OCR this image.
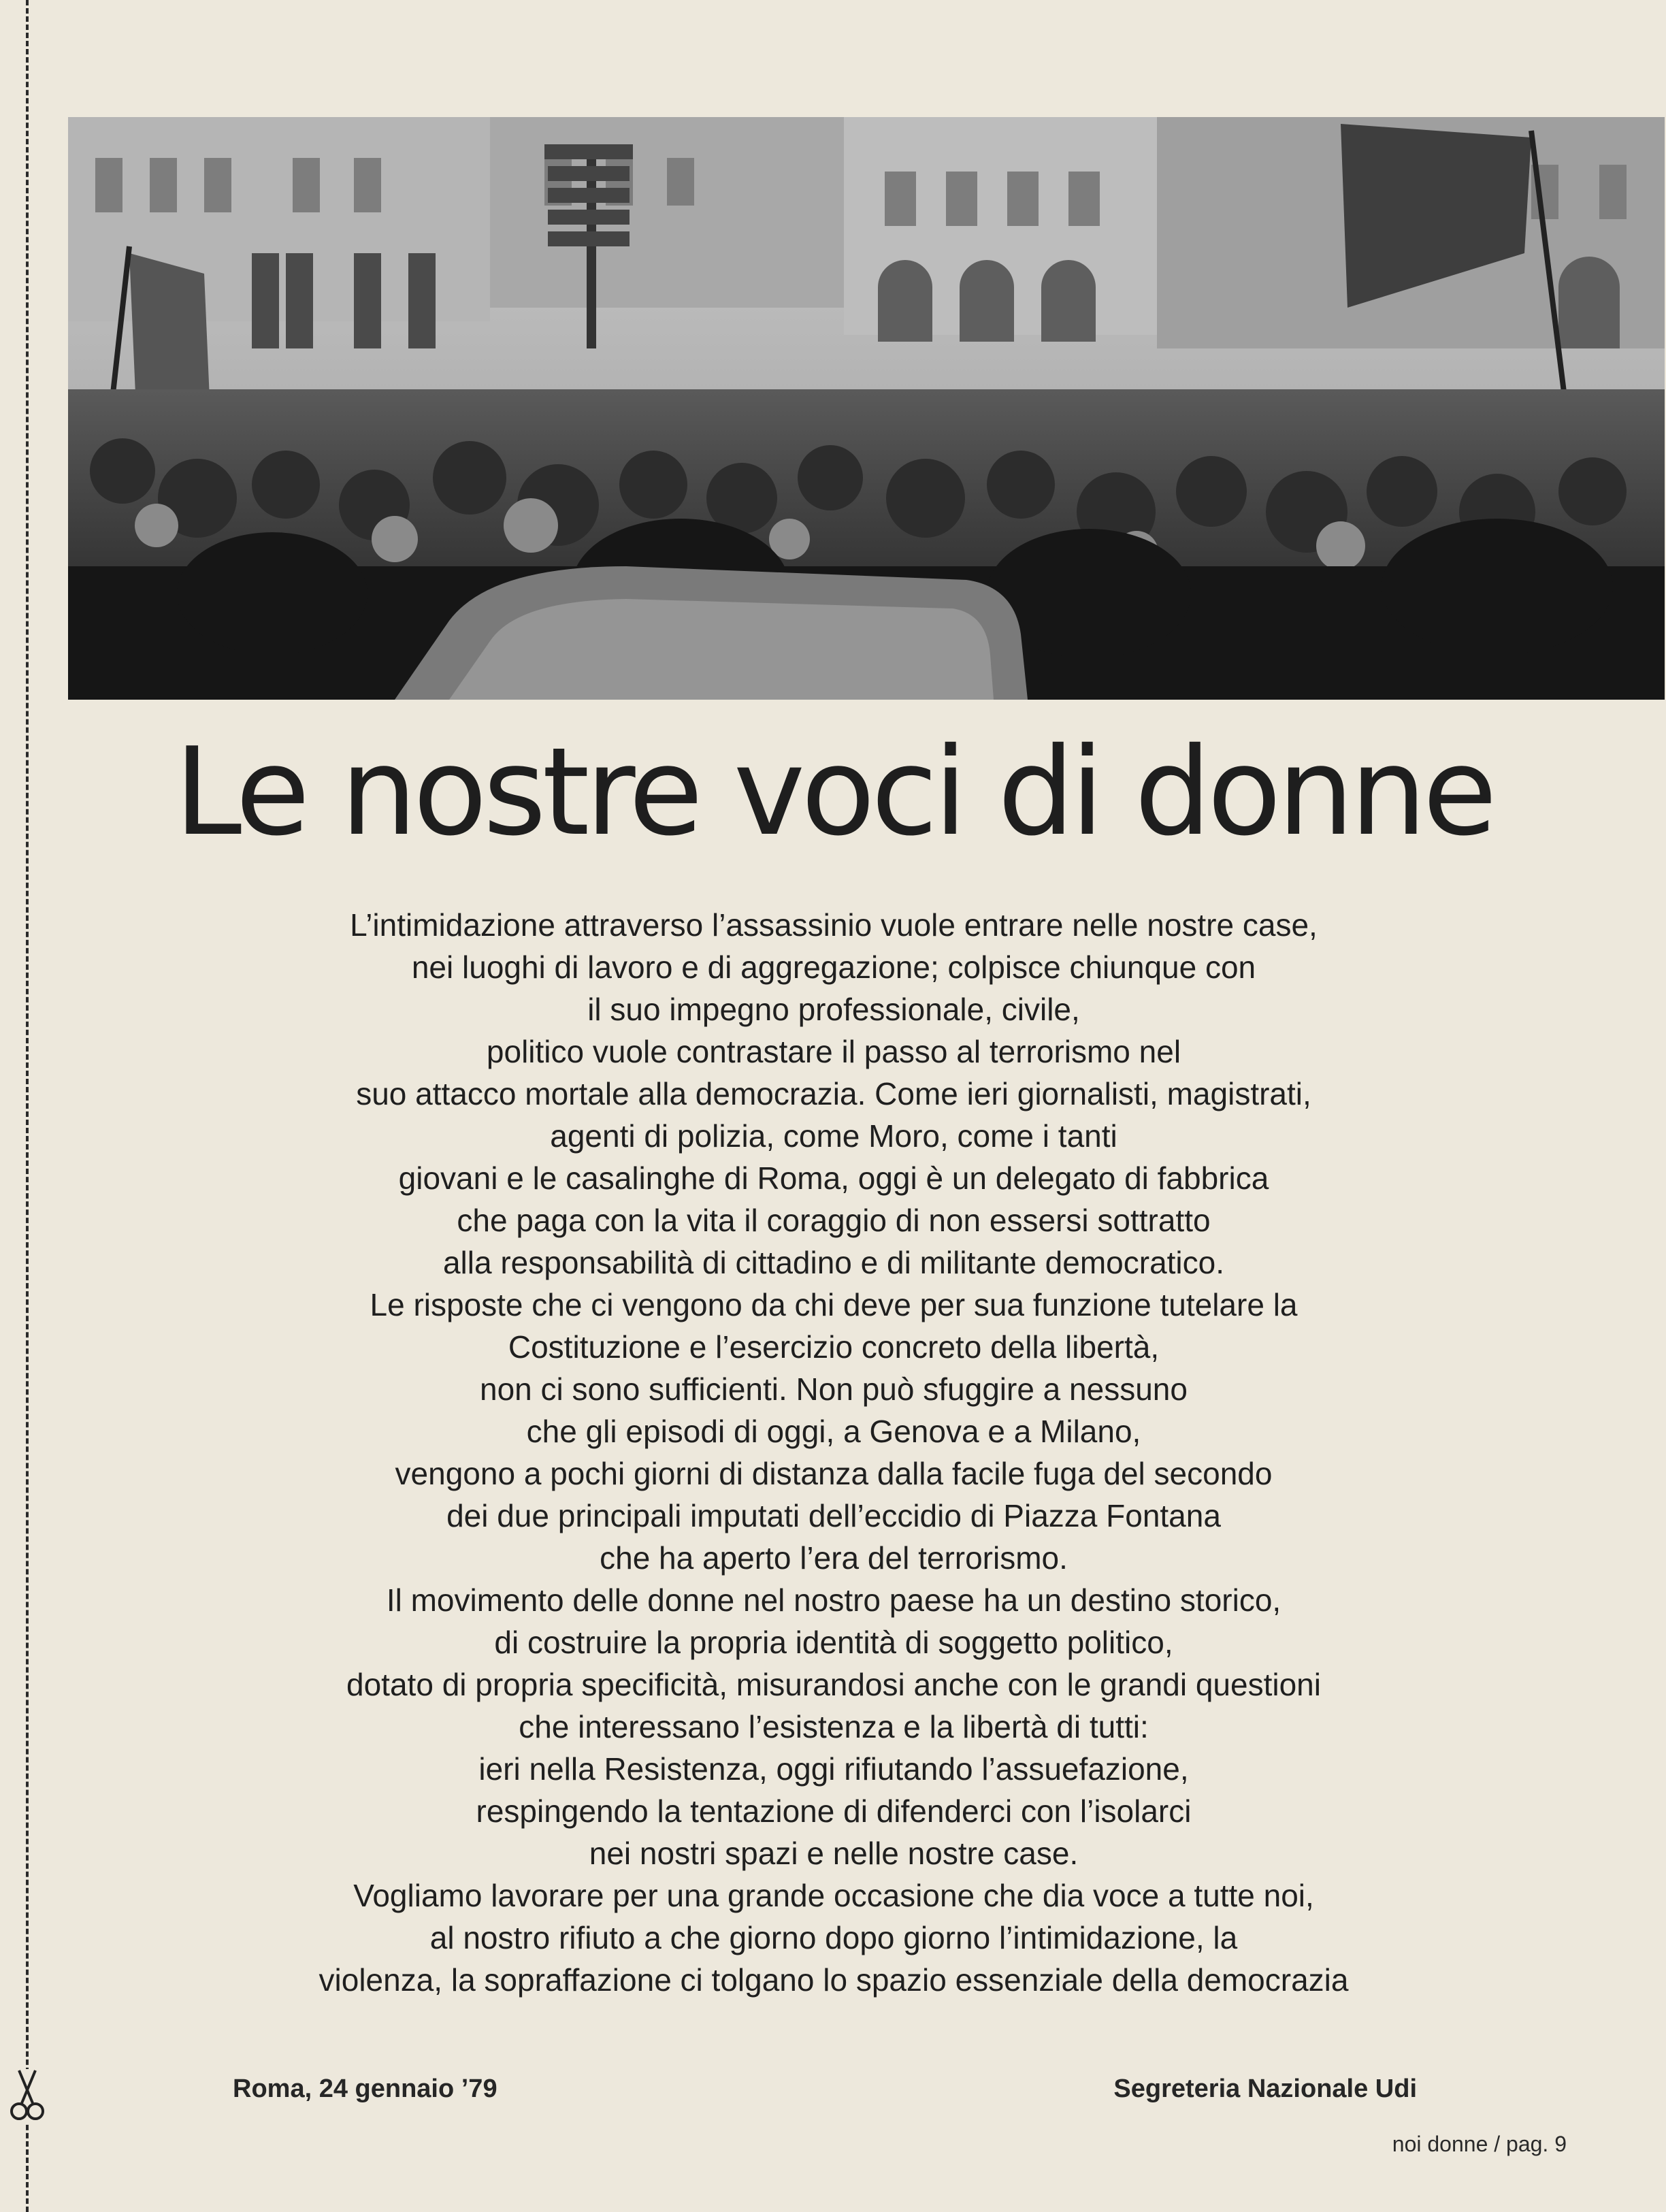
Le nostre voci di donne
L’intimidazione attraverso l’assassinio vuole entrare nelle nostre case,
nei luoghi di lavoro e di aggregazione; colpisce chiunque con
il suo impegno professionale, civile,
politico vuole contrastare il passo al terrorismo nel
suo attacco mortale alla democrazia. Come ieri giornalisti, magistrati,
agenti di polizia, come Moro, come i tanti
giovani e le casalinghe di Roma, oggi è un delegato di fabbrica
che paga con la vita il coraggio di non essersi sottratto
alla responsabilità di cittadino e di militante democratico.
Le risposte che ci vengono da chi deve per sua funzione tutelare la
Costituzione e l’esercizio concreto della libertà,
non ci sono sufficienti. Non può sfuggire a nessuno
che gli episodi di oggi, a Genova e a Milano,
vengono a pochi giorni di distanza dalla facile fuga del secondo
dei due principali imputati dell’eccidio di Piazza Fontana
che ha aperto l’era del terrorismo.
Il movimento delle donne nel nostro paese ha un destino storico,
di costruire la propria identità di soggetto politico,
dotato di propria specificità, misurandosi anche con le grandi questioni
che interessano l’esistenza e la libertà di tutti:
ieri nella Resistenza, oggi rifiutando l’assuefazione,
respingendo la tentazione di difenderci con l’isolarci
nei nostri spazi e nelle nostre case.
Vogliamo lavorare per una grande occasione che dia voce a tutte noi,
al nostro rifiuto a che giorno dopo giorno l’intimidazione, la
violenza, la sopraffazione ci tolgano lo spazio essenziale della democrazia
Roma, 24 gennaio ’79	Segreteria Nazionale Udi
noi donne / pag. 9
